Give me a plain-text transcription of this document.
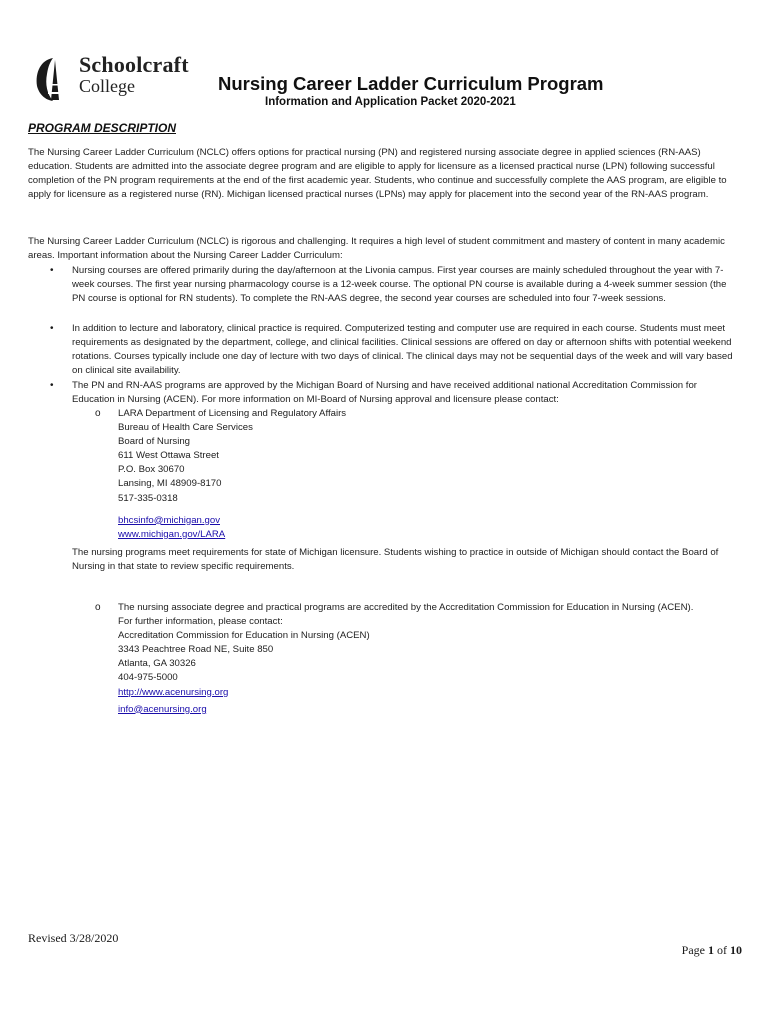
Schoolcraft
College	Nursing Career Ladder Curriculum Program
Information and Application Packet 2020-2021
PROGRAM DESCRIPTION

The Nursing Career Ladder Curriculum (NCLC) offers options for practical nursing (PN) and registered nursing associate degree in applied sciences (RN-AAS) education. Students are admitted into the associate degree program and are eligible to apply for licensure as a licensed practical nurse (LPN) following successful completion of the PN program requirements at the end of the first academic year. Students, who continue and successfully complete the AAS program, are eligible to apply for licensure as a registered nurse (RN). Michigan licensed practical nurses (LPNs) may apply for placement into the second year of the RN-AAS program.

The Nursing Career Ladder Curriculum (NCLC) is rigorous and challenging. It requires a high level of student commitment and mastery of content in many academic areas. Important information about the Nursing Career Ladder Curriculum:

• Nursing courses are offered primarily during the day/afternoon at the Livonia campus. First year courses are mainly scheduled throughout the year with 7-week courses. The first year nursing pharmacology course is a 12-week course. The optional PN course is available during a 4-week summer session (the PN course is optional for RN students). To complete the RN-AAS degree, the second year courses are scheduled into four 7-week sessions.

• In addition to lecture and laboratory, clinical practice is required. Computerized testing and computer use are required in each course. Students must meet requirements as designated by the department, college, and clinical facilities. Clinical sessions are offered on day or afternoon shifts with potential weekend rotations. Courses typically include one day of lecture with two days of clinical. The clinical days may not be sequential days of the week and will vary based on clinical site availability.

• The PN and RN-AAS programs are approved by the Michigan Board of Nursing and have received additional national Accreditation Commission for Education in Nursing (ACEN). For more information on MI-Board of Nursing approval and licensure please contact:

o LARA Department of Licensing and Regulatory Affairs
Bureau of Health Care Services
Board of Nursing
611 West Ottawa Street
P.O. Box 30670
Lansing, MI 48909-8170
517-335-0318
bhcsinfo@michigan.gov
www.michigan.gov/LARA

The nursing programs meet requirements for state of Michigan licensure. Students wishing to practice in outside of Michigan should contact the Board of Nursing in that state to review specific requirements.

o The nursing associate degree and practical programs are accredited by the Accreditation Commission for Education in Nursing (ACEN).
For further information, please contact:
Accreditation Commission for Education in Nursing (ACEN)
3343 Peachtree Road NE, Suite 850
Atlanta, GA 30326
404-975-5000
http://www.acenursing.org
info@acenursing.org
Revised 3/28/2020
Page 1 of 10
